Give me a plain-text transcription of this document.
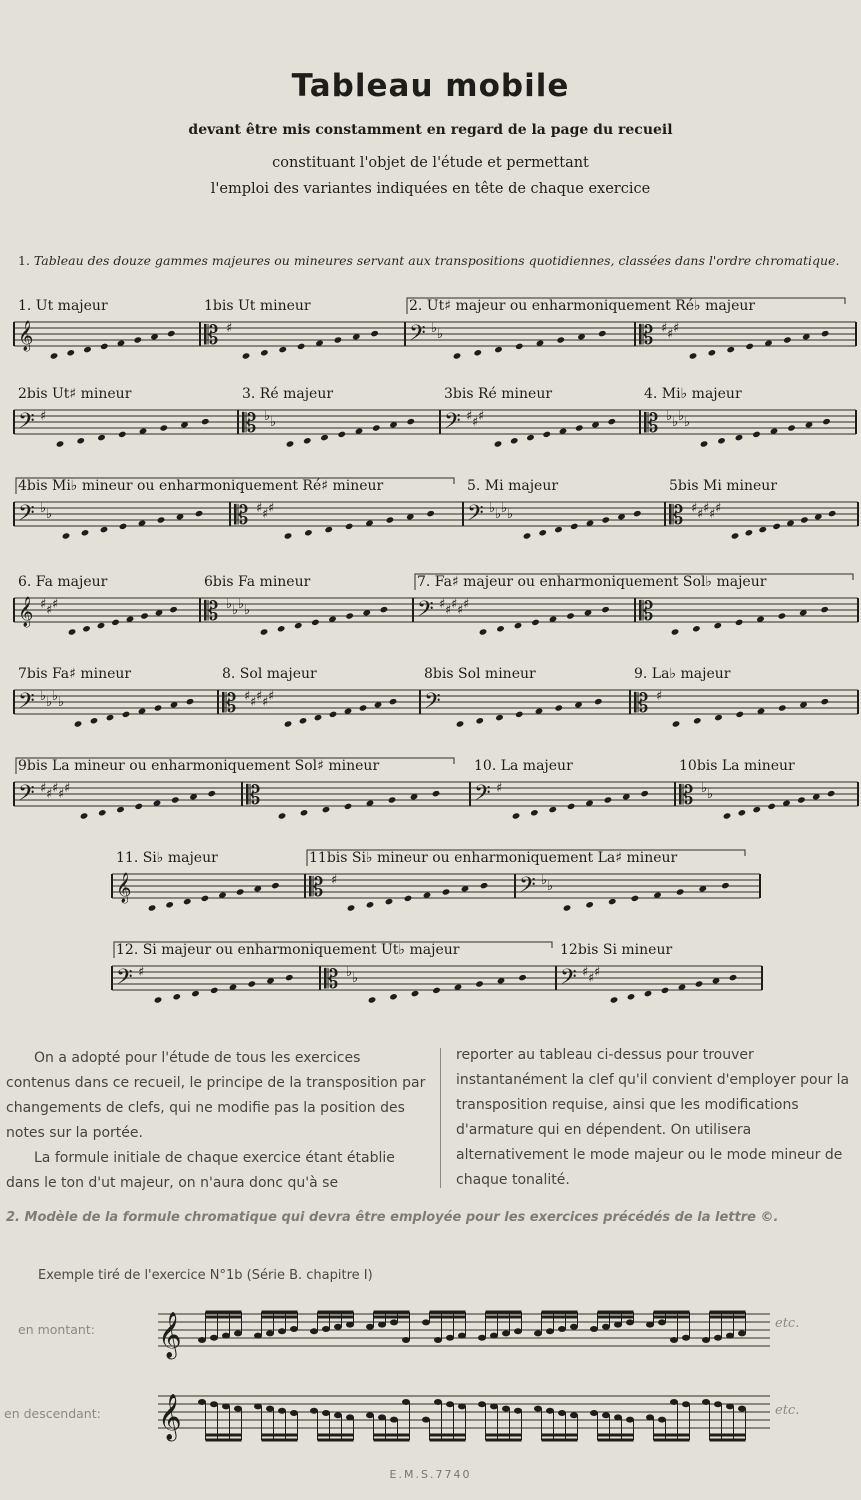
Tableau mobile
devant être mis constamment en regard de la page du recueil
constituant l'objet de l'étude et permettant
l'emploi des variantes indiquées en tête de chaque exercice
1. Tableau des douze gammes majeures ou mineures servant aux transpositions quotidiennes, classées dans l'ordre chromatique.
𝄞
1. Ut majeur
𝄡 ♯
1bis Ut mineur
𝄢 ♭ ♭
2. Ut♯ majeur ou enharmoniquement Ré♭ majeur
𝄡 ♯ ♯ ♯
𝄢 ♯
2bis Ut♯ mineur
𝄡 ♭ ♭
3. Ré majeur
𝄢 ♯ ♯ ♯
3bis Ré mineur
𝄡 ♭ ♭ ♭ ♭
4. Mi♭ majeur
𝄢 ♭ ♭
4bis Mi♭ mineur ou enharmoniquement Ré♯ mineur
𝄡 ♯ ♯ ♯	𝄢 ♭ ♭ ♭ ♭
5. Mi majeur
𝄡 ♯ ♯ ♯ ♯ ♯
5bis Mi mineur
𝄞 ♯ ♯ ♯
6. Fa majeur
𝄡 ♭ ♭ ♭ ♭
6bis Fa mineur
𝄢 ♯ ♯ ♯ ♯ ♯
7. Fa♯ majeur ou enharmoniquement Sol♭ majeur
𝄡
𝄢 ♭ ♭ ♭ ♭
7bis Fa♯ mineur
𝄡 ♯ ♯ ♯ ♯ ♯
8. Sol majeur
𝄢
8bis Sol mineur
𝄡 ♯
9. La♭ majeur
𝄢 ♯ ♯ ♯ ♯ ♯
9bis La mineur ou enharmoniquement Sol♯ mineur
𝄡	𝄢 ♯
10. La majeur
𝄡 ♭ ♭
10bis La mineur
𝄞
11. Si♭ majeur
𝄡 ♯
11bis Si♭ mineur ou enharmoniquement La♯ mineur
𝄢 ♭ ♭
𝄢 ♯
12. Si majeur ou enharmoniquement Ut♭ majeur
𝄡 ♭ ♭	𝄢 ♯ ♯ ♯
12bis Si mineur

On a adopté pour l'étude de tous les exercices contenus dans ce recueil, le principe de la transposition par changements de clefs, qui ne modifie pas la position des notes sur la portée.

La formule initiale de chaque exercice étant établie dans le ton d'ut majeur, on n'aura donc qu'à se

reporter au tableau ci-dessus pour trouver instantanément la clef qu'il convient d'employer pour la transposition requise, ainsi que les modifications d'armature qui en dépendent. On utilisera alternativement le mode majeur ou le mode mineur de chaque tonalité.

2. Modèle de la formule chromatique qui devra être employée pour les exercices précédés de la lettre ©.
Exemple tiré de l'exercice N°1b (Série B. chapitre I)
en montant:
en descendant:
𝄞
𝄞
etc.
etc.
E.M.S.7740
